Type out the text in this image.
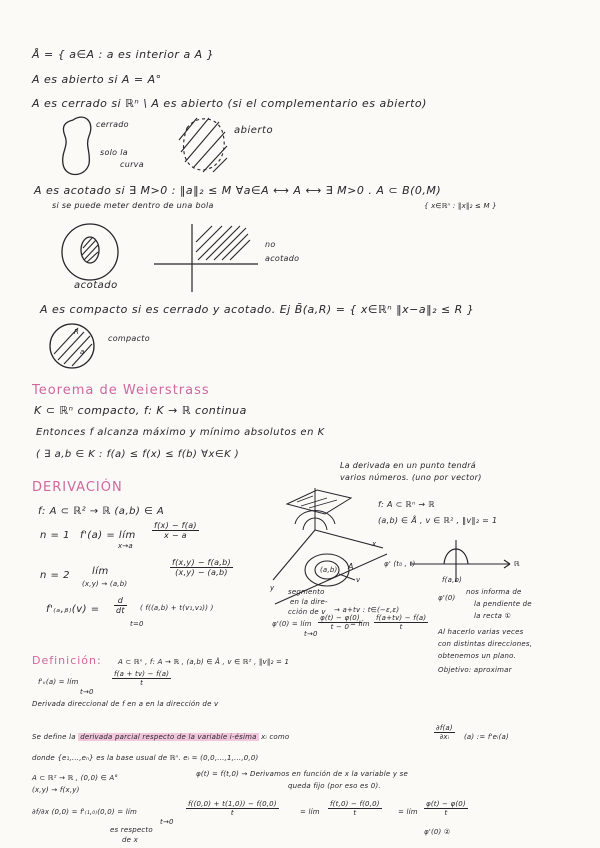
Å = { a∈A : a es interior a A }
A es abierto si A = A°
A es cerrado si ℝⁿ \ A es abierto (si el complementario es abierto)
cerrado
solo la
curva
abierto
A es acotado si ∃ M>0 : ‖a‖₂ ≤ M ∀a∈A ⟷ A ⟷ ∃ M>0 . A ⊂ B(0,M)
si se puede meter dentro de una bola	{ x∈ℝⁿ : ‖x‖₂ ≤ M }
acotado
no
acotado
A es compacto si es cerrado y acotado. Ej B̄(a,R) = { x∈ℝⁿ ‖x−a‖₂ ≤ R }
R
a
compacto
Teorema de Weierstrass
K ⊂ ℝⁿ compacto, f: K → ℝ continua
Entonces f alcanza máximo y mínimo absolutos en K
( ∃ a,b ∈ K : f(a) ≤ f(x) ≤ f(b) ∀x∈K )
DERIVACIÓN
La derivada en un punto tendrá
varios números. (uno por vector)
f: A ⊂ ℝ² → ℝ (a,b) ∈ A
n = 1 f'(a) = lím
x→a
$\frac{f(x) - f(a)}{x - a}$
n = 2 lím
(x,y) → (a,b)
$\frac{f(x,y) - f(a,b)}{(x,y) - (a,b)}$
f'₍ₐ,ᵦ₎(v) = $\frac{d}{dt}$ ( f((a,b) + t(v₁,v₂)) )
t=0
x
y
v
A
(a,b)
segmento
en la dire-
cción de v → a+tv : t∈(−ε,ε)
φ'(0) = lím
t→0
$\frac{\varphi(t) - \varphi(0)}{t - 0}$
= lím $\frac{f(a+tv) - f(a)}{t}$
f: A ⊂ ℝⁿ → ℝ
(a,b) ∈ Å , v ∈ ℝ² , ‖v‖₂ = 1
φ' (t₀ , t)	ℝ
f(a,b)
φ'(0)
nos informa de
la pendiente de
la recta ①
Al hacerlo varias veces
con distintas direcciones,
obtenemos un plano.
Objetivo: aproximar
Definición: A ⊂ ℝⁿ , f: A → ℝ , (a,b) ∈ Å , v ∈ ℝ² , ‖v‖₂ = 1
f'ᵥ(a) = lím
t→0
$\frac{f(a + tv) - f(a)}{t}$
Derivada direccional de f en a en la dirección de v
Se define la derivada parcial respecto de la variable i-ésima xᵢ como	$\frac{\partial f(a)}{\text{∂xᵢ}} (a)$ := f'eᵢ(a)
donde {e₁,...,eₙ} es la base usual de ℝⁿ. eᵢ = (0,0,...,1,...,0,0)
A ⊂ ℝ² → ℝ , (0,0) ∈ A°
(x,y) → f(x,y)
φ(t) = f(t,0) → Derivamos en función de x la variable y se
queda fijo (por eso es 0).
∂f/∂x (0,0) = f'₍₁,₀₎(0,0) = lím
t→0
$\frac{f((0,0) + t(1,0)) - f(0,0)}{t}$	= lím $\frac{f(t,0) - f(0,0)}{t}$ = lím $\frac{\varphi(t) - \varphi(0)}{t}$
es respecto
de x
φ'(0) ②
